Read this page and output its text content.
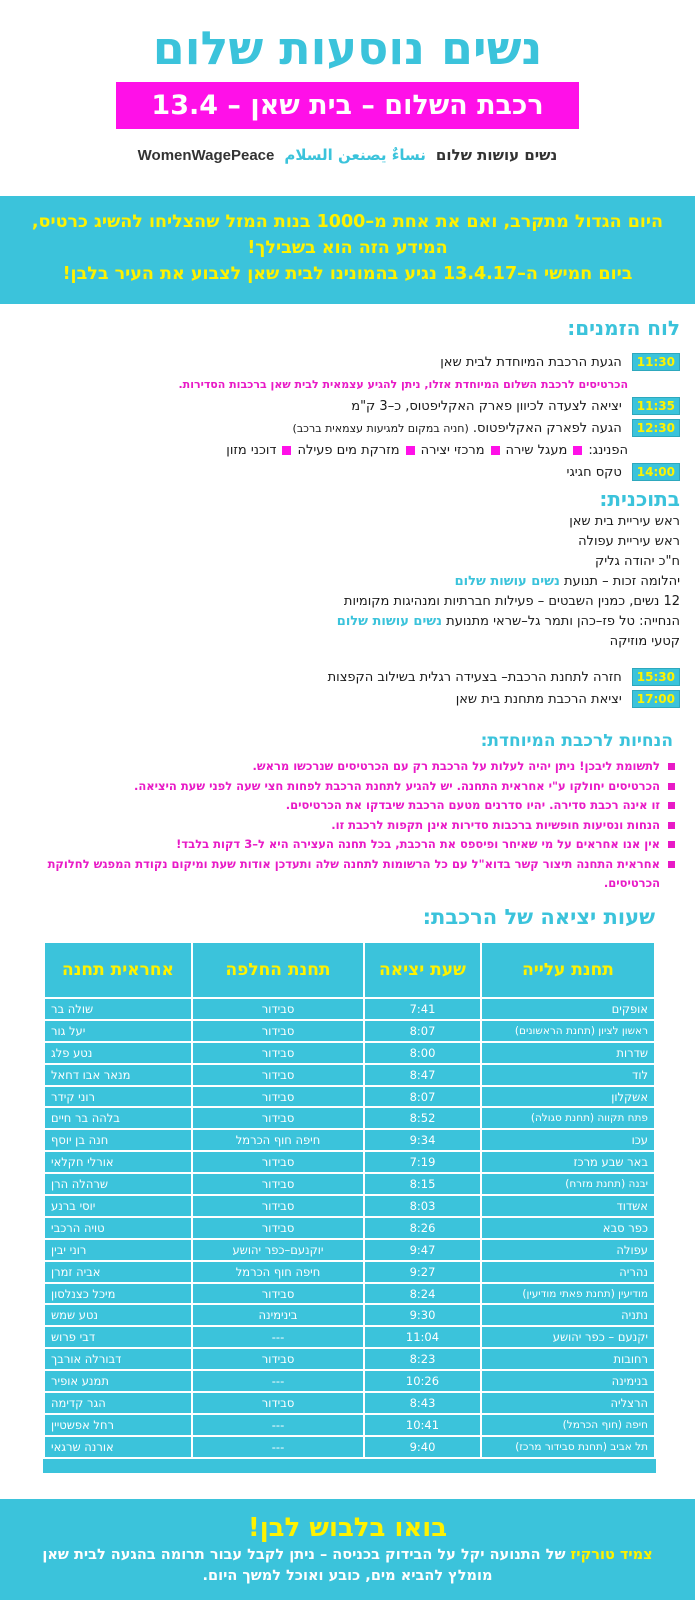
נשים נוסעות שלום
רכבת השלום – בית שאן – 13.4
נשים עושות שלום
نساءٌ يصنعن السلام
WomenWagePeace
היום הגדול מתקרב, ואם את אחת מ–1000 בנות המזל שהצליחו להשיג כרטיס,
המידע הזה הוא בשבילך!
ביום חמישי ה–13.4.17 נגיע בהמונינו לבית שאן לצבוע את העיר בלבן!
לוח הזמנים:
11:30
הגעת הרכבת המיוחדת לבית שאן
הכרטיסים לרכבת השלום המיוחדת אזלו, ניתן להגיע עצמאית לבית שאן ברכבות הסדירות.
11:35
יציאה לצעדה לכיוון פארק האקליפטוס, כ–3 ק"מ
12:30
הגעה לפארק האקליפטוס.

(חניה במקום למגיעות עצמאית ברכב)
הפנינג:
מעגל שירה
מרכזי יצירה
מזרקת מים פעילה
דוכני מזון
14:00
טקס חגיגי
בתוכנית:
ראש עיריית בית שאן
ראש עיריית עפולה
ח"כ יהודה גליק
יהלומה זכות – תנועת נשים עושות שלום
12 נשים, כמנין השבטים – פעילות חברתיות ומנהיגות מקומיות
הנחייה: טל פז–כהן ותמר גל–שראי מתנועת נשים עושות שלום
קטעי מוזיקה
15:30
חזרה לתחנת הרכבת– בצעידה רגלית בשילוב הקפצות
17:00
יציאת הרכבת מתחנת בית שאן
הנחיות לרכבת המיוחדת:
לתשומת ליבכן! ניתן יהיה לעלות על הרכבת רק עם הכרטיסים שנרכשו מראש.
הכרטיסים יחולקו ע"י אחראית התחנה. יש להגיע לתחנת הרכבת לפחות חצי שעה לפני שעת היציאה.
זו אינה רכבת סדירה. יהיו סדרנים מטעם הרכבת שיבדקו את הכרטיסים.
הנחות ונסיעות חופשיות ברכבות סדירות אינן תקפות לרכבת זו.
אין אנו אחראים על מי שאיחר ופיספס את הרכבת, בכל תחנה העצירה היא ל–3 דקות בלבד!
אחראית התחנה תיצור קשר בדוא"ל עם כל הרשומות לתחנה שלה ותעדכן אודות שעת ומיקום נקודת המפגש לחלוקת הכרטיסים.
שעות יציאה של הרכבת:
תחנת עלייה	שעת יציאה	תחנת החלפה	אחראית תחנה
אופקים	7:41	סבידור	שולה בר
ראשון לציון (תחנת הראשונים)	8:07	סבידור	יעל גור
שדרות	8:00	סבידור	נטע פלג
לוד	8:47	סבידור	מנאר אבו דחאל
אשקלון	8:07	סבידור	רוני קידר
פתח תקווה (תחנת סגולה)	8:52	סבידור	בלהה בר חיים
עכו	9:34	חיפה חוף הכרמל	חנה בן יוסף
באר שבע מרכז	7:19	סבידור	אורלי חקלאי
יבנה (תחנת מזרח)	8:15	סבידור	שרהלה הרן
אשדוד	8:03	סבידור	יוסי ברנע
כפר סבא	8:26	סבידור	טויה הרכבי
עפולה	9:47	יוקנעם–כפר יהושע	רוני יבין
נהריה	9:27	חיפה חוף הכרמל	אביה זמרן
מודיעין (תחנת פאתי מודיעין)	8:24	סבידור	מיכל כצנלסון
נתניה	9:30	בינימינה	נטע שמש
יקנעם – כפר יהושע	11:04	---	דבי פרוש
רחובות	8:23	סבידור	דבורלה אורבך
בנימינה	10:26	---	תמנע אופיר
הרצליה	8:43	סבידור	הגר קדימה
חיפה (חוף הכרמל)	10:41	---	רחל אפשטיין
תל אביב (תחנת סבידור מרכז)	9:40	---	אורנה שרגאי
בואו בלבוש לבן!
צמיד טורקיז של התנועה יקל על הבידוק בכניסה – ניתן לקבל עבור תרומה בהגעה לבית שאן
מומלץ להביא מים, כובע ואוכל למשך היום.
